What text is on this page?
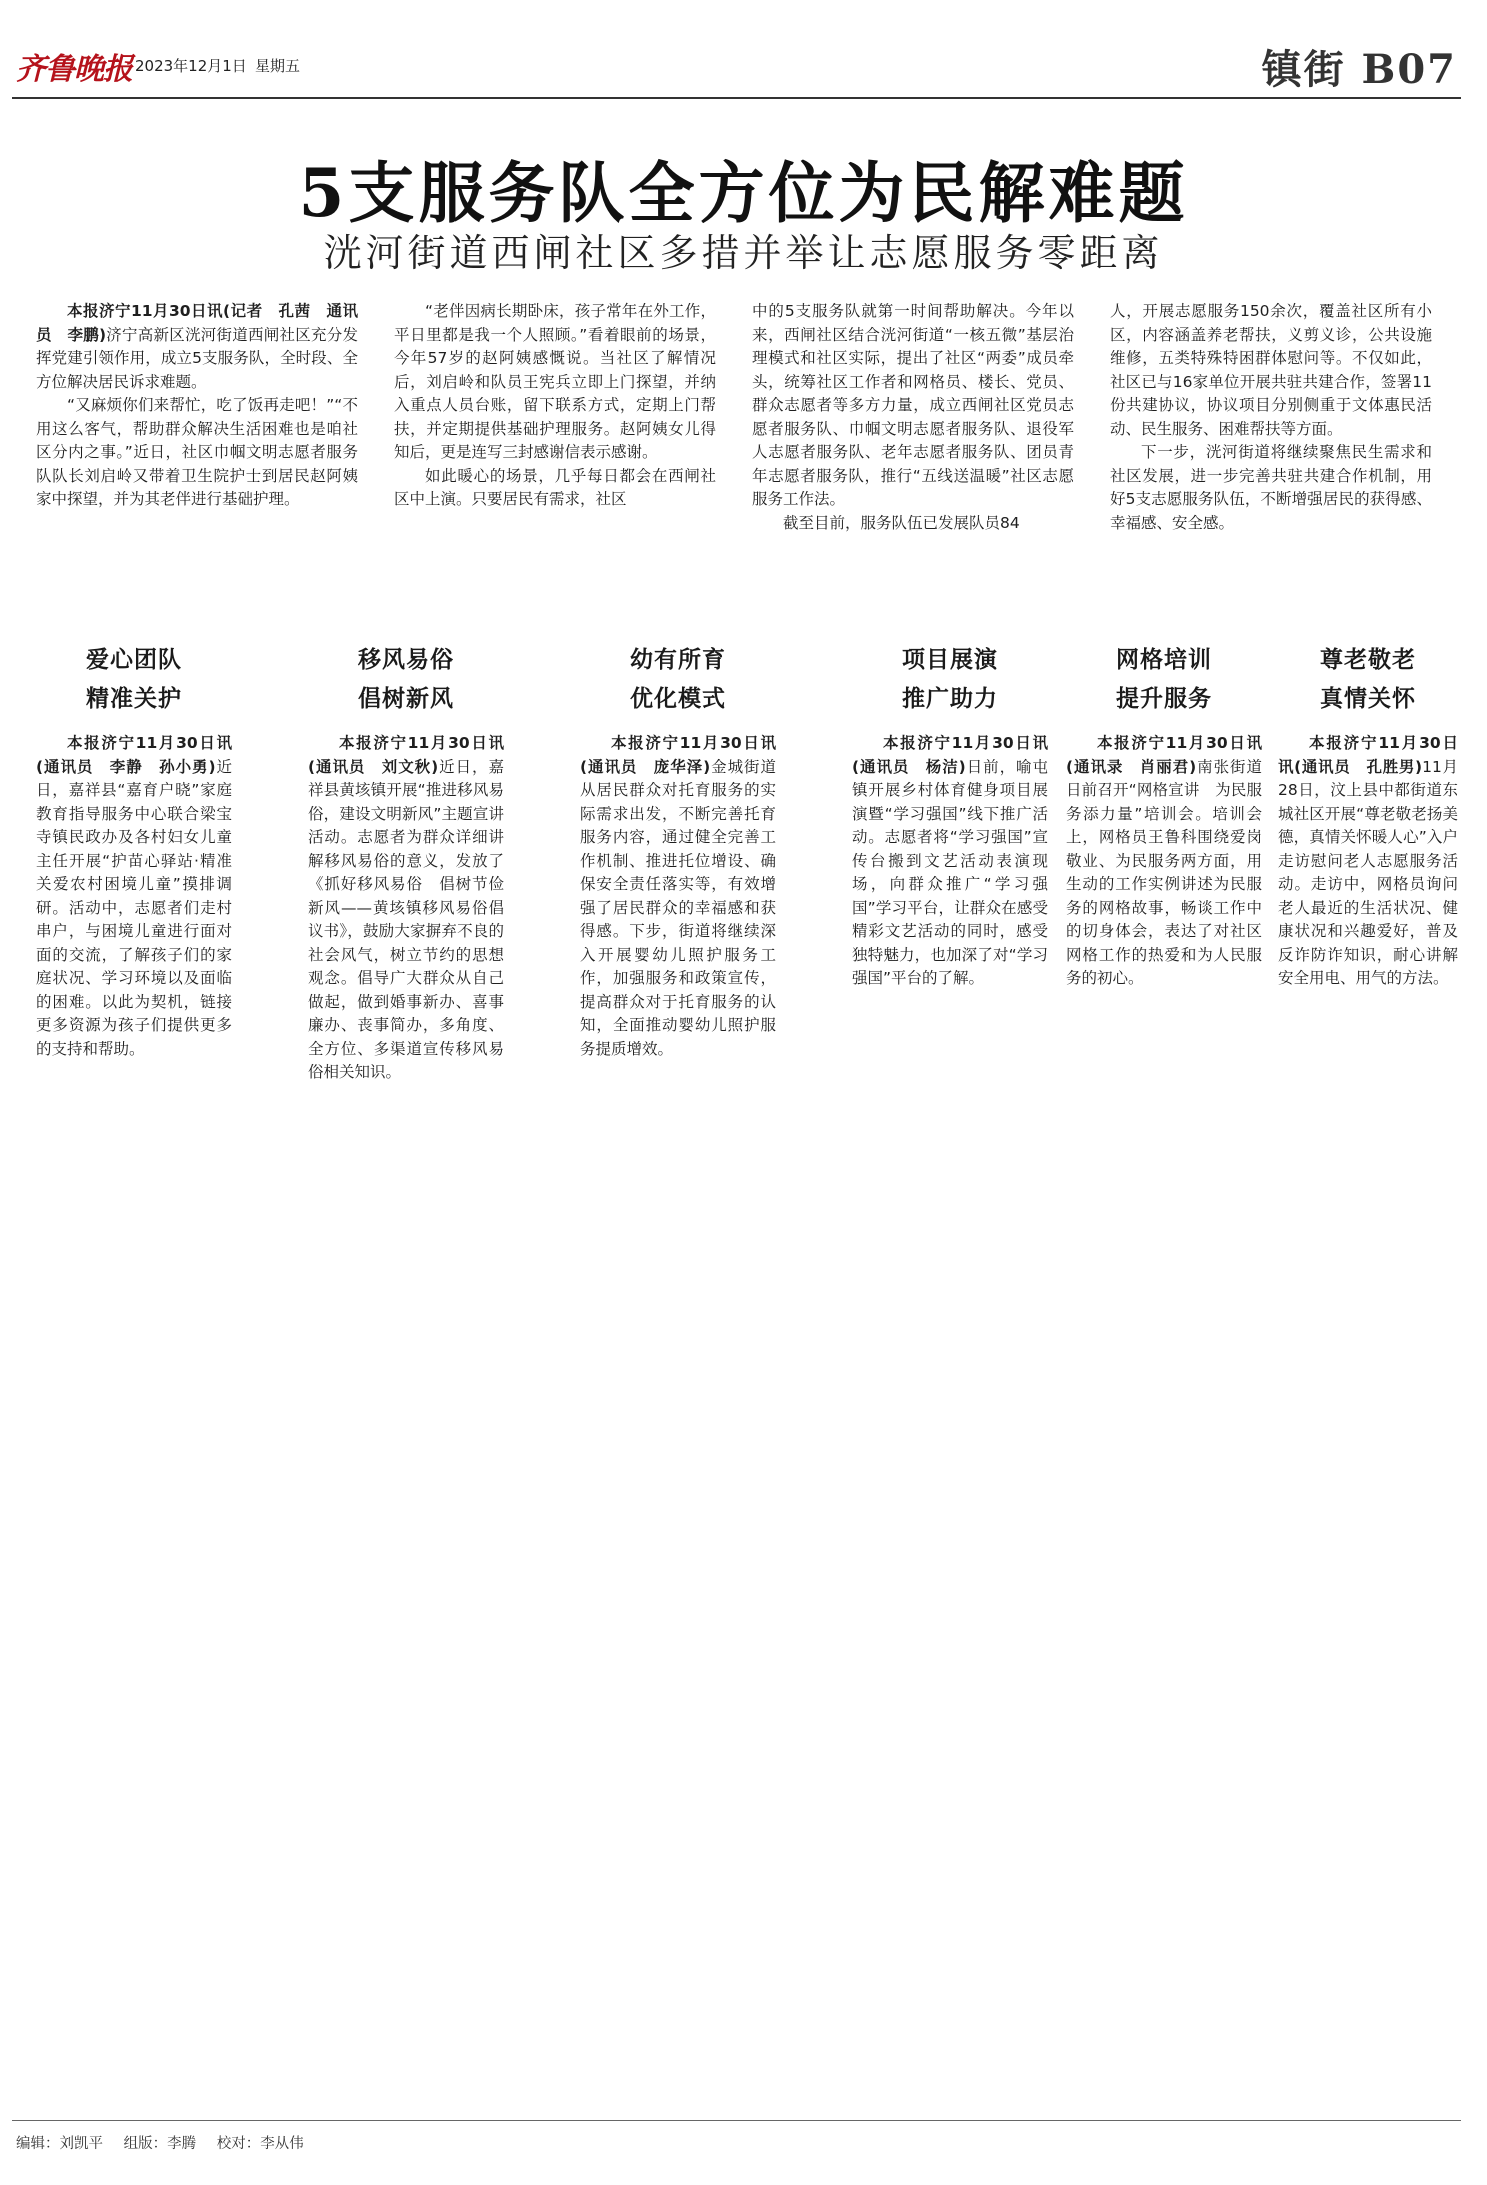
齐鲁晚报 2023年12月1日 星期五	镇街 B07
5支服务队全方位为民解难题
洸河街道西闸社区多措并举让志愿服务零距离

本报济宁11月30日讯(记者　孔茜　通讯员　李鹏)济宁高新区洸河街道西闸社区充分发挥党建引领作用，成立5支服务队，全时段、全方位解决居民诉求难题。

“又麻烦你们来帮忙，吃了饭再走吧！”“不用这么客气，帮助群众解决生活困难也是咱社区分内之事。”近日，社区巾帼文明志愿者服务队队长刘启岭又带着卫生院护士到居民赵阿姨家中探望，并为其老伴进行基础护理。

“老伴因病长期卧床，孩子常年在外工作，平日里都是我一个人照顾。”看着眼前的场景，今年57岁的赵阿姨感慨说。当社区了解情况后，刘启岭和队员王宪兵立即上门探望，并纳入重点人员台账，留下联系方式，定期上门帮扶，并定期提供基础护理服务。赵阿姨女儿得知后，更是连写三封感谢信表示感谢。

如此暖心的场景，几乎每日都会在西闸社区中上演。只要居民有需求，社区

中的5支服务队就第一时间帮助解决。今年以来，西闸社区结合洸河街道“一核五微”基层治理模式和社区实际，提出了社区“两委”成员牵头，统筹社区工作者和网格员、楼长、党员、群众志愿者等多方力量，成立西闸社区党员志愿者服务队、巾帼文明志愿者服务队、退役军人志愿者服务队、老年志愿者服务队、团员青年志愿者服务队，推行“五线送温暖”社区志愿服务工作法。

截至目前，服务队伍已发展队员84

人，开展志愿服务150余次，覆盖社区所有小区，内容涵盖养老帮扶，义剪义诊，公共设施维修，五类特殊特困群体慰问等。不仅如此，社区已与16家单位开展共驻共建合作，签署11份共建协议，协议项目分别侧重于文体惠民活动、民生服务、困难帮扶等方面。

下一步，洸河街道将继续聚焦民生需求和社区发展，进一步完善共驻共建合作机制，用好5支志愿服务队伍，不断增强居民的获得感、幸福感、安全感。

爱心团队
精准关护

本报济宁11月30日讯(通讯员　李静　孙小勇)近日，嘉祥县“嘉育户晓”家庭教育指导服务中心联合梁宝寺镇民政办及各村妇女儿童主任开展“护苗心驿站·精准关爱农村困境儿童”摸排调研。活动中，志愿者们走村串户，与困境儿童进行面对面的交流，了解孩子们的家庭状况、学习环境以及面临的困难。以此为契机，链接更多资源为孩子们提供更多的支持和帮助。

移风易俗
倡树新风

本报济宁11月30日讯(通讯员　刘文秋)近日，嘉祥县黄垓镇开展“推进移风易俗，建设文明新风”主题宣讲活动。志愿者为群众详细讲解移风易俗的意义，发放了《抓好移风易俗　倡树节俭新风——黄垓镇移风易俗倡议书》，鼓励大家摒弃不良的社会风气，树立节约的思想观念。倡导广大群众从自己做起，做到婚事新办、喜事廉办、丧事简办，多角度、全方位、多渠道宣传移风易俗相关知识。

幼有所育
优化模式

本报济宁11月30日讯(通讯员　庞华泽)金城街道从居民群众对托育服务的实际需求出发，不断完善托育服务内容，通过健全完善工作机制、推进托位增设、确保安全责任落实等，有效增强了居民群众的幸福感和获得感。下步，街道将继续深入开展婴幼儿照护服务工作，加强服务和政策宣传，提高群众对于托育服务的认知，全面推动婴幼儿照护服务提质增效。

项目展演
推广助力

本报济宁11月30日讯(通讯员　杨洁)日前，喻屯镇开展乡村体育健身项目展演暨“学习强国”线下推广活动。志愿者将“学习强国”宣传台搬到文艺活动表演现场，向群众推广“学习强国”学习平台，让群众在感受精彩文艺活动的同时，感受独特魅力，也加深了对“学习强国”平台的了解。

网格培训
提升服务

本报济宁11月30日讯(通讯录　肖丽君)南张街道日前召开“网格宣讲　为民服务添力量”培训会。培训会上，网格员王鲁科围绕爱岗敬业、为民服务两方面，用生动的工作实例讲述为民服务的网格故事，畅谈工作中的切身体会，表达了对社区网格工作的热爱和为人民服务的初心。

尊老敬老
真情关怀

本报济宁11月30日讯(通讯员　孔胜男)11月28日，汶上县中都街道东城社区开展“尊老敬老扬美德，真情关怀暖人心”入户走访慰问老人志愿服务活动。走访中，网格员询问老人最近的生活状况、健康状况和兴趣爱好，普及反诈防诈知识，耐心讲解安全用电、用气的方法。

编辑：刘凯平 组版：李腾 校对：李从伟
